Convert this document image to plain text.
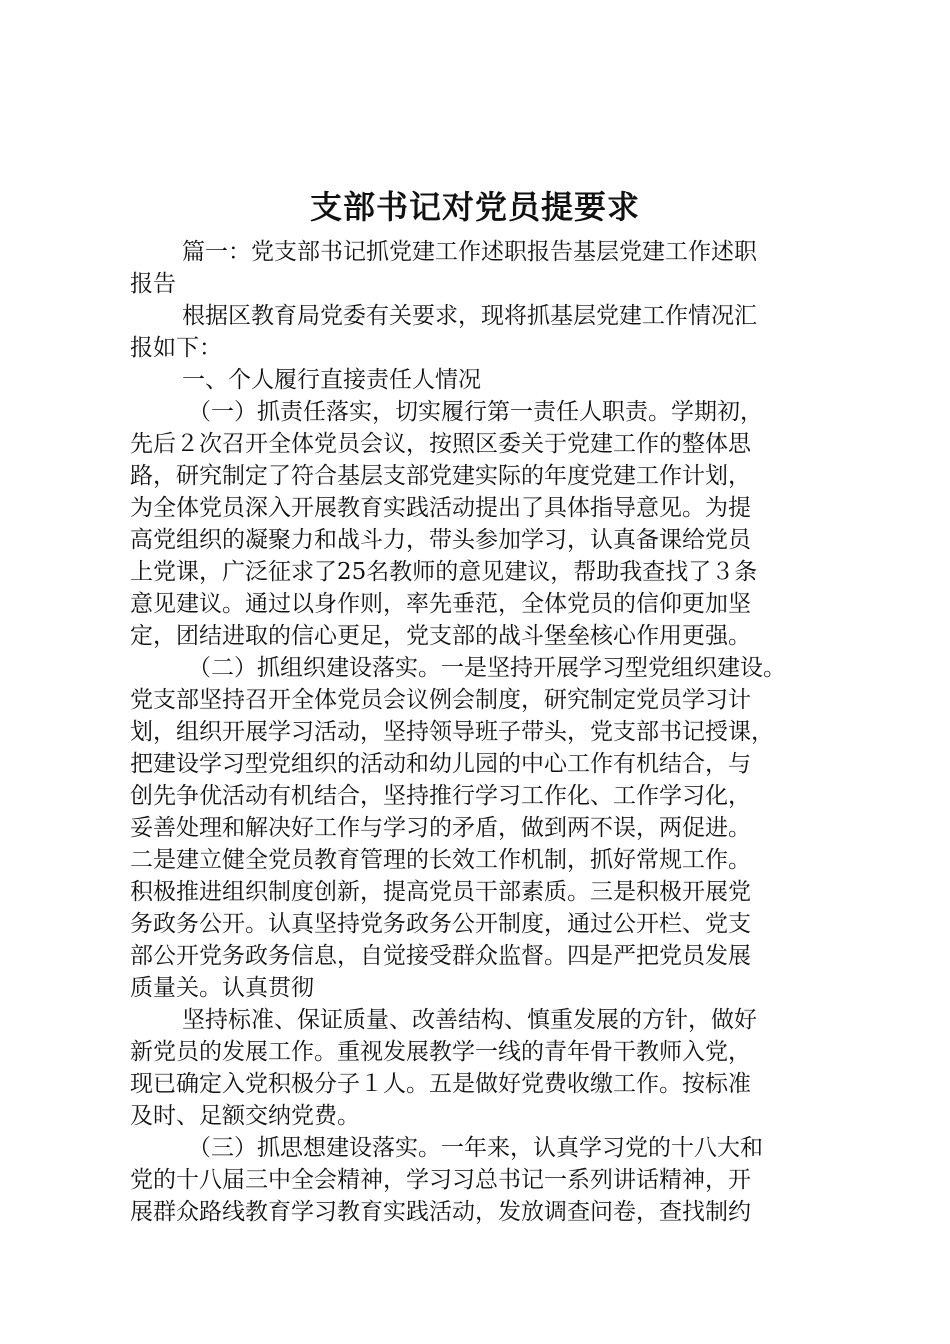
支部书记对党员提要求
篇一：党支部书记抓党建工作述职报告基层党建工作述职
报告
根据区教育局党委有关要求，现将抓基层党建工作情况汇
报如下：
一、个人履行直接责任人情况
（一）抓责任落实，切实履行第一责任人职责。学期初，
先后２次召开全体党员会议，按照区委关于党建工作的整体思
路，研究制定了符合基层支部党建实际的年度党建工作计划，
为全体党员深入开展教育实践活动提出了具体指导意见。为提
高党组织的凝聚力和战斗力，带头参加学习，认真备课给党员
上党课，广泛征求了25名教师的意见建议，帮助我查找了３条
意见建议。通过以身作则，率先垂范，全体党员的信仰更加坚
定，团结进取的信心更足，党支部的战斗堡垒核心作用更强。
（二）抓组织建设落实。一是坚持开展学习型党组织建设。
党支部坚持召开全体党员会议例会制度，研究制定党员学习计
划，组织开展学习活动，坚持领导班子带头，党支部书记授课，
把建设学习型党组织的活动和幼儿园的中心工作有机结合，与
创先争优活动有机结合，坚持推行学习工作化、工作学习化，
妥善处理和解决好工作与学习的矛盾，做到两不误，两促进。
二是建立健全党员教育管理的长效工作机制，抓好常规工作。
积极推进组织制度创新，提高党员干部素质。三是积极开展党
务政务公开。认真坚持党务政务公开制度，通过公开栏、党支
部公开党务政务信息，自觉接受群众监督。四是严把党员发展
质量关。认真贯彻
坚持标准、保证质量、改善结构、慎重发展的方针，做好
新党员的发展工作。重视发展教学一线的青年骨干教师入党，
现已确定入党积极分子１人。五是做好党费收缴工作。按标准
及时、足额交纳党费。
（三）抓思想建设落实。一年来，认真学习党的十八大和
党的十八届三中全会精神，学习习总书记一系列讲话精神，开
展群众路线教育学习教育实践活动，发放调查问卷，查找制约
